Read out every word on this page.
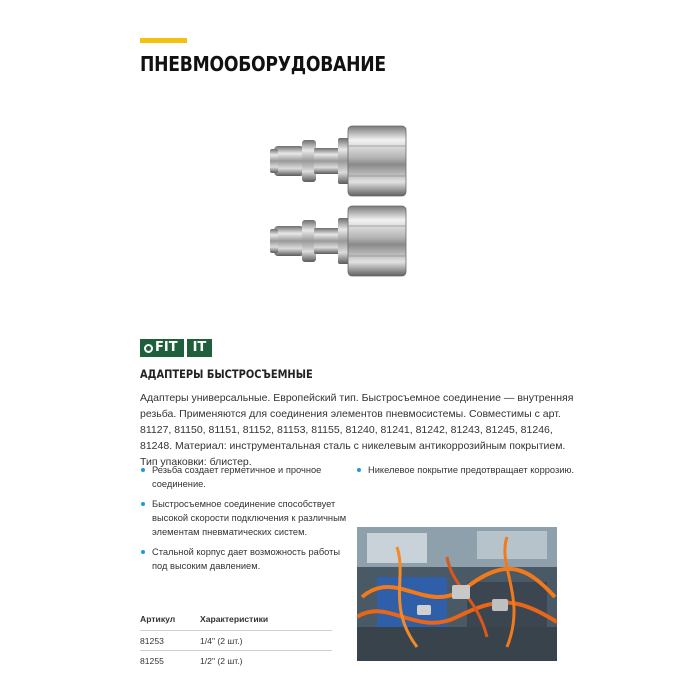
ПНЕВМООБОРУДОВАНИЕ
FIT	IT
АДАПТЕРЫ БЫСТРОСЪЕМНЫЕ
Адаптеры универсальные. Европейский тип. Быстросъемное соединение — внутренняя резьба. Применяются для соединения элементов пневмосистемы. Совместимы с арт. 81127, 81150, 81151, 81152, 81153, 81155, 81240, 81241, 81242, 81243, 81245, 81246, 81248. Материал: инструментальная сталь с никелевым антикоррозийным покрытием. Тип упаковки: блистер.
Резьба создает герметичное и прочное соединение.
Быстросъемное соединение способствует высокой скорости подключения к различным элементам пневматических систем.
Стальной корпус дает возможность работы под высоким давлением.
Никелевое покрытие предотвращает коррозию.
Артикул	Характеристики
81253	1/4" (2 шт.)
81255	1/2" (2 шт.)
